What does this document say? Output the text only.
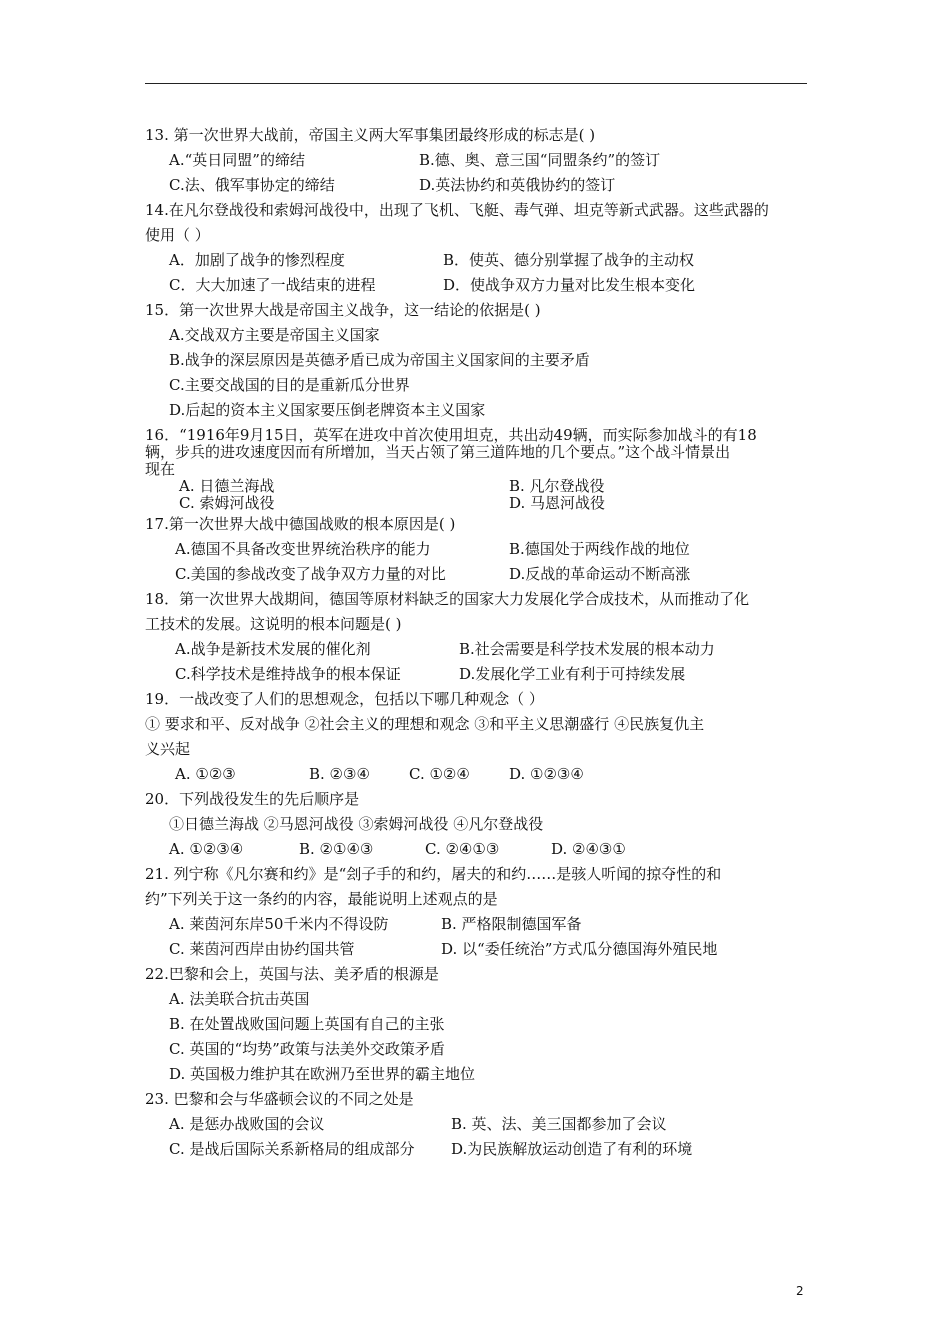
13. 第一次世界大战前，帝国主义两大军事集团最终形成的标志是( )
A.“英日同盟”的缔结	B.德、奥、意三国“同盟条约”的签订
C.法、俄军事协定的缔结	D.英法协约和英俄协约的签订
14.在凡尔登战役和索姆河战役中，出现了飞机、飞艇、毒气弹、坦克等新式武器。这些武器的
使用（ ）
A．加剧了战争的惨烈程度	B．使英、德分别掌握了战争的主动权
C．大大加速了一战结束的进程	D．使战争双方力量对比发生根本变化
15．第一次世界大战是帝国主义战争，这一结论的依据是( )
A.交战双方主要是帝国主义国家
B.战争的深层原因是英德矛盾已成为帝国主义国家间的主要矛盾
C.主要交战国的目的是重新瓜分世界
D.后起的资本主义国家要压倒老牌资本主义国家
16．“1916年9月15日，英军在进攻中首次使用坦克，共出动49辆，而实际参加战斗的有18
辆，步兵的进攻速度因而有所增加，当天占领了第三道阵地的几个要点。”这个战斗情景出
现在
A. 日德兰海战	B. 凡尔登战役
C. 索姆河战役	D. 马恩河战役
17.第一次世界大战中德国战败的根本原因是( )
A.德国不具备改变世界统治秩序的能力	B.德国处于两线作战的地位
C.美国的参战改变了战争双方力量的对比	D.反战的革命运动不断高涨
18．第一次世界大战期间，德国等原材料缺乏的国家大力发展化学合成技术，从而推动了化
工技术的发展。这说明的根本问题是( )
A.战争是新技术发展的催化剂	B.社会需要是科学技术发展的根本动力
C.科学技术是维持战争的根本保证	D.发展化学工业有利于可持续发展
19．一战改变了人们的思想观念，包括以下哪几种观念（ ）
① 要求和平、反对战争 ②社会主义的理想和观念 ③和平主义思潮盛行 ④民族复仇主
义兴起
A. ①②③	B. ②③④	C. ①②④	D. ①②③④
20．下列战役发生的先后顺序是
①日德兰海战 ②马恩河战役 ③索姆河战役 ④凡尔登战役
A. ①②③④	B. ②①④③	C. ②④①③	D. ②④③①
21. 列宁称《凡尔赛和约》是“刽子手的和约，屠夫的和约……是骇人听闻的掠夺性的和
约”下列关于这一条约的内容，最能说明上述观点的是
A. 莱茵河东岸50千米内不得设防	B. 严格限制德国军备
C. 莱茵河西岸由协约国共管	D. 以“委任统治”方式瓜分德国海外殖民地
22.巴黎和会上，英国与法、美矛盾的根源是
A. 法美联合抗击英国
B. 在处置战败国问题上英国有自己的主张
C. 英国的“均势”政策与法美外交政策矛盾
D. 英国极力维护其在欧洲乃至世界的霸主地位
23. 巴黎和会与华盛顿会议的不同之处是
A. 是惩办战败国的会议	B. 英、法、美三国都参加了会议
C. 是战后国际关系新格局的组成部分 D.为民族解放运动创造了有利的环境
2
